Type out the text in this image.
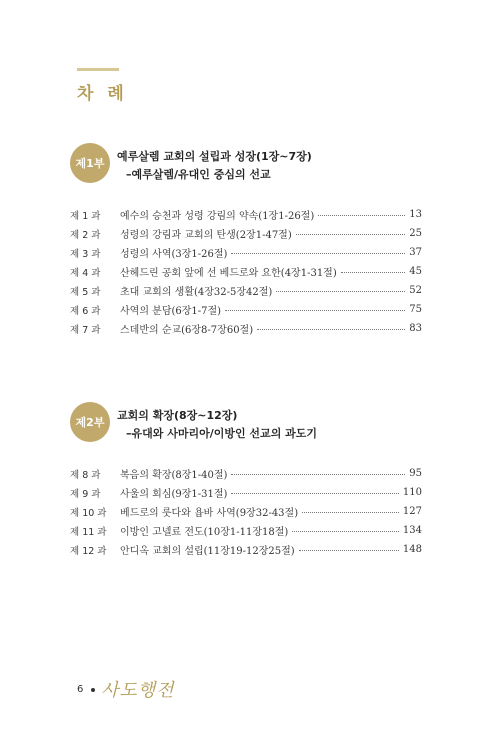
차 례
제1부
예루살렘 교회의 설립과 성장(1장~7장)
–예루살렘/유대인 중심의 선교
제 1 과	예수의 승천과 성령 강림의 약속(1장1-26절)	13
제 2 과	성령의 강림과 교회의 탄생(2장1-47절)	25
제 3 과	성령의 사역(3장1-26절)	37
제 4 과	산헤드린 공회 앞에 선 베드로와 요한(4장1-31절)	45
제 5 과	초대 교회의 생활(4장32-5장42절)	52
제 6 과	사역의 분담(6장1-7절)	75
제 7 과	스데반의 순교(6장8-7장60절)	83
제2부
교회의 확장(8장~12장)
–유대와 사마리아/이방인 선교의 과도기
제 8 과	복음의 확장(8장1-40절)	95
제 9 과	사울의 회심(9장1-31절)	110
제 10 과	베드로의 룻다와 욥바 사역(9장32-43절)	127
제 11 과	이방인 고넬료 전도(10장1-11장18절)	134
제 12 과	안디옥 교회의 설립(11장19-12장25절)	148
6 사도행전
